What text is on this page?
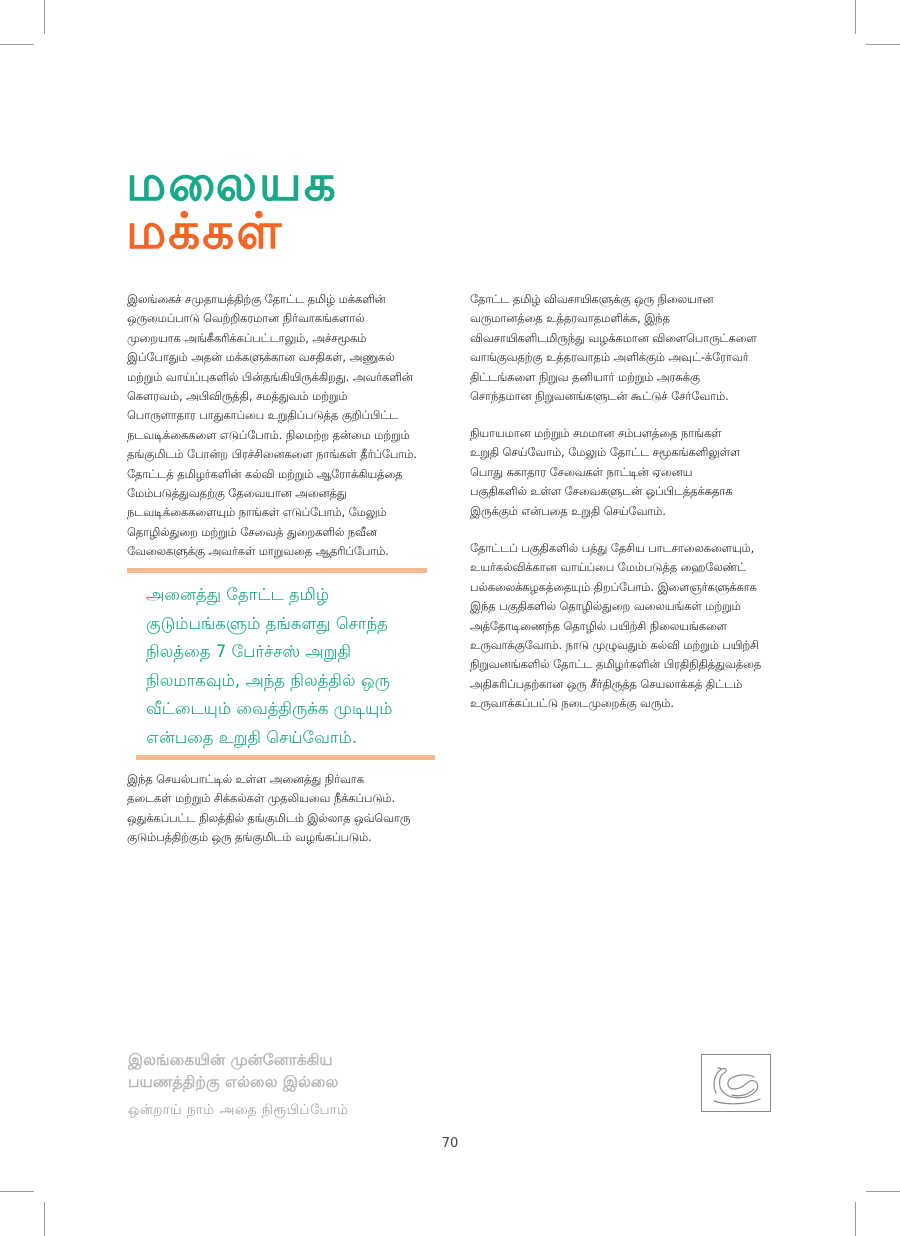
மலையக
மக்கள்

இலங்கைச் சமுதாயத்திற்கு தோட்ட தமிழ் மக்களின்
ஒருமைப்பாடு வெற்றிகரமான நிர்வாகங்களால்
முறையாக அங்கீகரிக்கப்பட்டாலும், அச்சமூகம்
இப்போதும் அதன் மக்களுக்கான வசதிகள், அணுகல்
மற்றும் வாய்ப்புகளில் பின்தங்கியிருக்கிறது. அவர்களின்
கௌரவம், அபிவிருத்தி, சமத்துவம் மற்றும்
பொருளாதார பாதுகாப்பை உறுதிப்படுத்த குறிப்பிட்ட
நடவடிக்கைகளை எடுப்போம். நிலமற்ற தன்மை மற்றும்
தங்குமிடம் போன்ற பிரச்சினைகளை நாங்கள் தீர்ப்போம்.
தோட்டத் தமிழர்களின் கல்வி மற்றும் ஆரோக்கியத்தை
மேம்படுத்துவதற்கு தேவையான அனைத்து
நடவடிக்கைகளையும் நாங்கள் எடுப்போம், மேலும்
தொழில்துறை மற்றும் சேவைத் துறைகளில் நவீன
வேலைகளுக்கு அவர்கள் மாறுவதை ஆதரிப்போம்.

அனைத்து தோட்ட தமிழ்
குடும்பங்களும் தங்களது சொந்த
நிலத்தை 7 பேர்ச்சஸ் அறுதி
நிலமாகவும், அந்த நிலத்தில் ஒரு
வீட்டையும் வைத்திருக்க முடியும்
என்பதை உறுதி செய்வோம்.

இந்த செயல்பாட்டில் உள்ள அனைத்து நிர்வாக
தடைகள் மற்றும் சிக்கல்கள் முதலியவை நீக்கப்படும்.
ஒதுக்கப்பட்ட நிலத்தில் தங்குமிடம் இல்லாத ஒவ்வொரு
குடும்பத்திற்கும் ஒரு தங்குமிடம் வழங்கப்படும்.

தோட்ட தமிழ் விவசாயிகளுக்கு ஒரு நிலையான
வருமானத்தை உத்தரவாதமளிக்க, இந்த
விவசாயிகளிடமிருந்து வழக்கமான விளைபொருட்களை
வாங்குவதற்கு உத்தரவாதம் அளிக்கும் அவுட்-க்ரோவர்
திட்டங்களை நிறுவ தனியார் மற்றும் அரசுக்கு
சொந்தமான நிறுவனங்களுடன் கூட்டுச் சேர்வோம்.

நியாயமான மற்றும் சமமான சம்பளத்தை நாங்கள்
உறுதி செய்வோம், மேலும் தோட்ட சமூகங்களிலுள்ள
பொது சுகாதார சேவைகள் நாட்டின் ஏனைய
பகுதிகளில் உள்ள சேவைகளுடன் ஒப்பிடத்தக்கதாக
இருக்கும் என்பதை உறுதி செய்வோம்.

தோட்டப் பகுதிகளில் பத்து தேசிய பாடசாலைகளையும்,
உயர்கல்விக்கான வாய்ப்பை மேம்படுத்த ஹைலேண்ட்
பல்கலைக்கழகத்தையும் திறப்போம். இளைஞர்களுக்காக
இந்த பகுதிகளில் தொழில்துறை வலையங்கள் மற்றும்
அத்தோடிணைந்த தொழில் பயிற்சி நிலையங்களை
உருவாக்குவோம். நாடு முழுவதும் கல்வி மற்றும் பயிற்சி
நிறுவனங்களில் தோட்ட தமிழர்களின் பிரதிநிதித்துவத்தை
அதிகரிப்பதற்கான ஒரு சீர்திருத்த செயலாக்கத் திட்டம்
உருவாக்கப்பட்டு நடைமுறைக்கு வரும்.

இலங்கையின் முன்னோக்கிய
பயணத்திற்கு எல்லை இல்லை
ஒன்றாய் நாம் அதை நிரூபிப்போம்
70
